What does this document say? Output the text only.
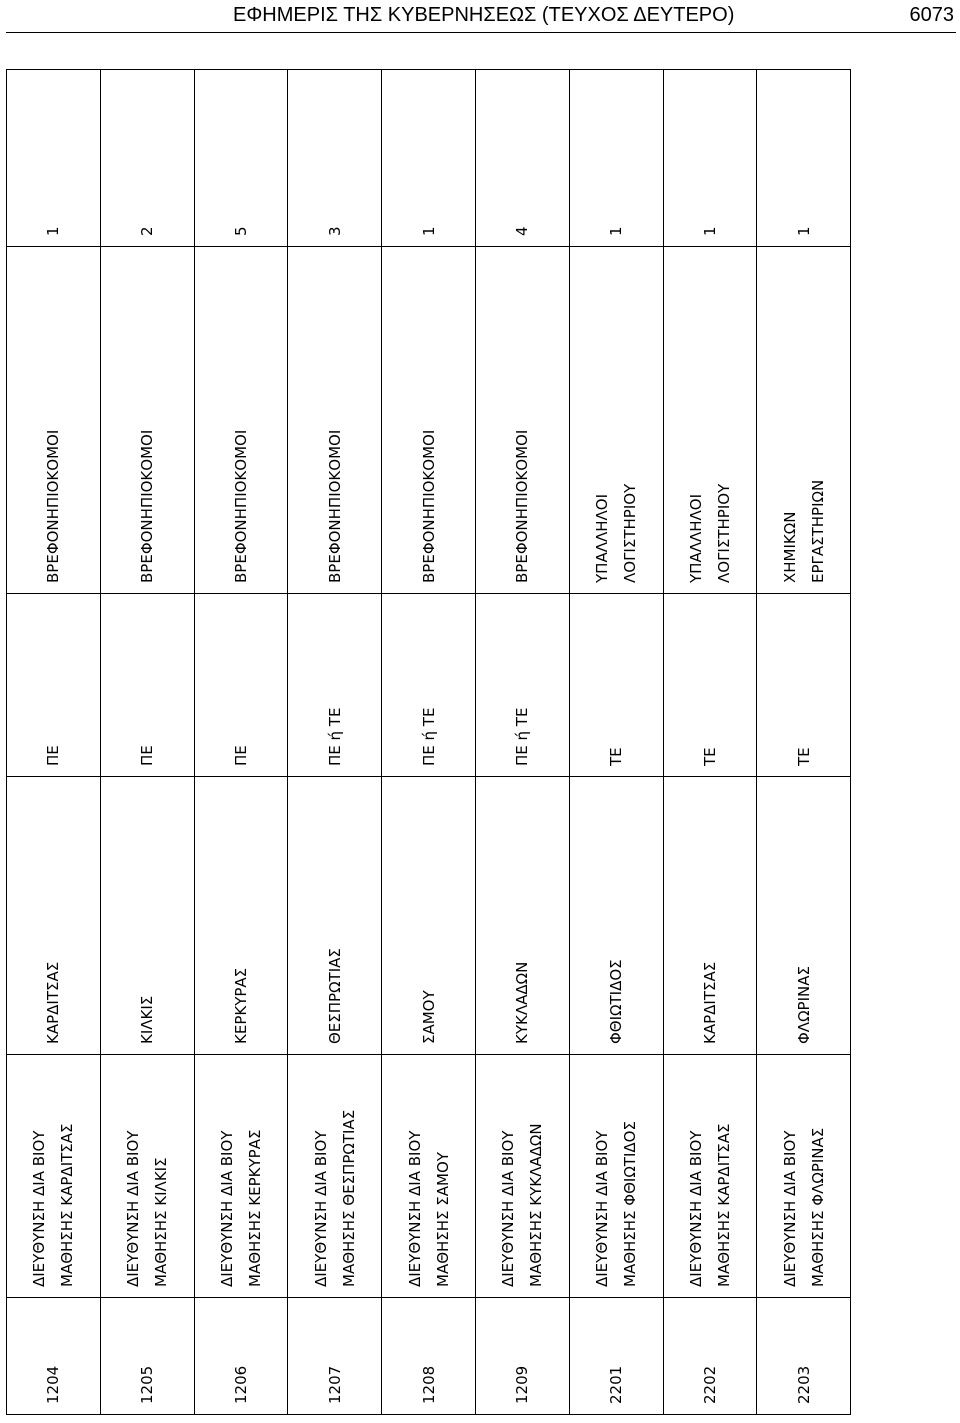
ΕΦΗΜΕΡΙΣ ΤΗΣ ΚΥΒΕΡΝΗΣΕΩΣ (ΤΕΥΧΟΣ ΔΕΥΤΕΡΟ)	6073
1204	ΔΙΕΥΘΥΝΣΗ ΔΙΑ ΒΙΟΥ
ΜΑΘΗΣΗΣ ΚΑΡΔΙΤΣΑΣ	ΚΑΡΔΙΤΣΑΣ	ΠΕ	ΒΡΕΦΟΝΗΠΙΟΚΟΜΟΙ	1
1205	ΔΙΕΥΘΥΝΣΗ ΔΙΑ ΒΙΟΥ
ΜΑΘΗΣΗΣ ΚΙΛΚΙΣ	ΚΙΛΚΙΣ	ΠΕ	ΒΡΕΦΟΝΗΠΙΟΚΟΜΟΙ	2
1206	ΔΙΕΥΘΥΝΣΗ ΔΙΑ ΒΙΟΥ
ΜΑΘΗΣΗΣ ΚΕΡΚΥΡΑΣ	ΚΕΡΚΥΡΑΣ	ΠΕ	ΒΡΕΦΟΝΗΠΙΟΚΟΜΟΙ	5
1207	ΔΙΕΥΘΥΝΣΗ ΔΙΑ ΒΙΟΥ
ΜΑΘΗΣΗΣ ΘΕΣΠΡΩΤΙΑΣ	ΘΕΣΠΡΩΤΙΑΣ	ΠΕ ή ΤΕ	ΒΡΕΦΟΝΗΠΙΟΚΟΜΟΙ	3
1208	ΔΙΕΥΘΥΝΣΗ ΔΙΑ ΒΙΟΥ
ΜΑΘΗΣΗΣ ΣΑΜΟΥ	ΣΑΜΟΥ	ΠΕ ή ΤΕ	ΒΡΕΦΟΝΗΠΙΟΚΟΜΟΙ	1
1209	ΔΙΕΥΘΥΝΣΗ ΔΙΑ ΒΙΟΥ
ΜΑΘΗΣΗΣ ΚΥΚΛΑΔΩΝ	ΚΥΚΛΑΔΩΝ	ΠΕ ή ΤΕ	ΒΡΕΦΟΝΗΠΙΟΚΟΜΟΙ	4
2201	ΔΙΕΥΘΥΝΣΗ ΔΙΑ ΒΙΟΥ
ΜΑΘΗΣΗΣ ΦΘΙΩΤΙΔΟΣ	ΦΘΙΩΤΙΔΟΣ	ΤΕ	ΥΠΑΛΛΗΛΟΙ
ΛΟΓΙΣΤΗΡΙΟΥ	1
2202	ΔΙΕΥΘΥΝΣΗ ΔΙΑ ΒΙΟΥ
ΜΑΘΗΣΗΣ ΚΑΡΔΙΤΣΑΣ	ΚΑΡΔΙΤΣΑΣ	ΤΕ	ΥΠΑΛΛΗΛΟΙ
ΛΟΓΙΣΤΗΡΙΟΥ	1
2203	ΔΙΕΥΘΥΝΣΗ ΔΙΑ ΒΙΟΥ
ΜΑΘΗΣΗΣ ΦΛΩΡΙΝΑΣ	ΦΛΩΡΙΝΑΣ	ΤΕ	ΧΗΜΙΚΩΝ
ΕΡΓΑΣΤΗΡΙΩΝ	1
